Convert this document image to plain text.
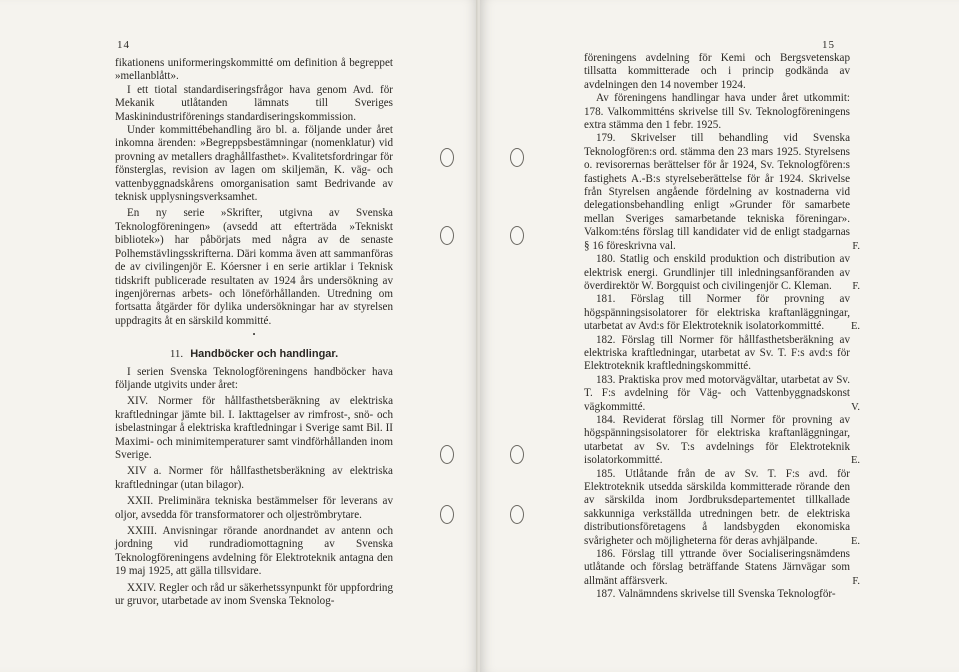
14

fikationens uniformeringskommitté om definition å begreppet »mellanblått».

I ett tiotal standardiseringsfrågor hava genom Avd. för Mekanik utlåtanden lämnats till Sveriges Maskinindustriförenings standardiseringskommission.

Under kommittébehandling äro bl. a. följande under året inkomna ärenden: »Begreppsbestämningar (nomenklatur) vid provning av metallers draghållfasthet». Kvalitetsfordringar för fönsterglas, revision av lagen om skiljemän, K. väg- och vattenbyggnadskårens omorganisation samt Bedrivande av teknisk upplysningsverksamhet.

En ny serie »Skrifter, utgivna av Svenska Teknologföreningen» (avsedd att efterträda »Tekniskt bibliotek») har påbörjats med några av de senaste Polhemstävlingsskrifterna. Däri komma även att sammanföras de av civilingenjör E. Kóersner i en serie artiklar i Teknisk tidskrift publicerade resultaten av 1924 års undersökning av ingenjörernas arbets- och löneförhållanden. Utredning om fortsatta åtgärder för dylika undersökningar har av styrelsen uppdragits åt en särskild kommitté.

•
11. Handböcker och handlingar.

I serien Svenska Teknologföreningens handböcker hava följande utgivits under året:

XIV. Normer för hållfasthetsberäkning av elektriska kraftledningar jämte bil. I. Iakttagelser av rimfrost-, snö- och isbelastningar å elektriska kraftledningar i Sverige samt Bil. II Maximi- och minimitemperaturer samt vindförhållanden inom Sverige.

XIV a. Normer för hållfasthetsberäkning av elektriska kraftledningar (utan bilagor).

XXII. Preliminära tekniska bestämmelser för leverans av oljor, avsedda för transformatorer och oljeströmbrytare.

XXIII. Anvisningar rörande anordnandet av antenn och jordning vid rundradiomottagning av Svenska Teknologföreningens avdelning för Elektroteknik antagna den 19 maj 1925, att gälla tillsvidare.

XXIV. Regler och råd ur säkerhetssynpunkt för uppfordring ur gruvor, utarbetade av inom Svenska Teknolog-

15

föreningens avdelning för Kemi och Bergsvetenskap tillsatta kommitterade och i princip godkända av avdelningen den 14 november 1924.

Av föreningens handlingar hava under året utkommit: 178. Valkommitténs skrivelse till Sv. Teknologföreningens extra stämma den 1 febr. 1925.

179. Skrivelser till behandling vid Svenska Teknologfören:s ord. stämma den 23 mars 1925. Styrelsens o. revisorernas berättelser för år 1924, Sv. Teknologfören:s fastighets A.-B:s styrelseberättelse för år 1924. Skrivelse från Styrelsen angående fördelning av kostnaderna vid delegationsbehandling enligt »Grunder för samarbete mellan Sveriges samarbetande tekniska föreningar». Valkom:téns förslag till kandidater vid de enligt stadgarnas § 16 föreskrivna val.	F.

180. Statlig och enskild produktion och distribution av elektrisk energi. Grundlinjer till inledningsanföranden av överdirektör W. Borgquist och civilingenjör C. Kleman.	F.

181. Förslag till Normer för provning av högspänningsisolatorer för elektriska kraftanläggningar, utarbetat av Avd:s för Elektroteknik isolatorkommitté.	E.

182. Förslag till Normer för hållfasthetsberäkning av elektriska kraftledningar, utarbetat av Sv. T. F:s avd:s för Elektroteknik kraftledningskommitté.

183. Praktiska prov med motorvägvältar, utarbetat av Sv. T. F:s avdelning för Väg- och Vattenbyggnadskonst vägkommitté.	V.

184. Reviderat förslag till Normer för provning av högspänningsisolatorer för elektriska kraftanläggningar, utarbetat av Sv. T:s avdelnings för Elektroteknik isolatorkommitté.	E.

185. Utlåtande från de av Sv. T. F:s avd. för Elektroteknik utsedda särskilda kommitterade rörande den av särskilda inom Jordbruksdepartementet tillkallade sakkunniga verkställda utredningen betr. de elektriska distributionsföretagens å landsbygden ekonomiska svårigheter och möjligheterna för deras avhjälpande.	E.

186. Förslag till yttrande över Socialiseringsnämdens utlåtande och förslag beträffande Statens Järnvägar som allmänt affärsverk.	F.

187. Valnämndens skrivelse till Svenska Teknologför-
